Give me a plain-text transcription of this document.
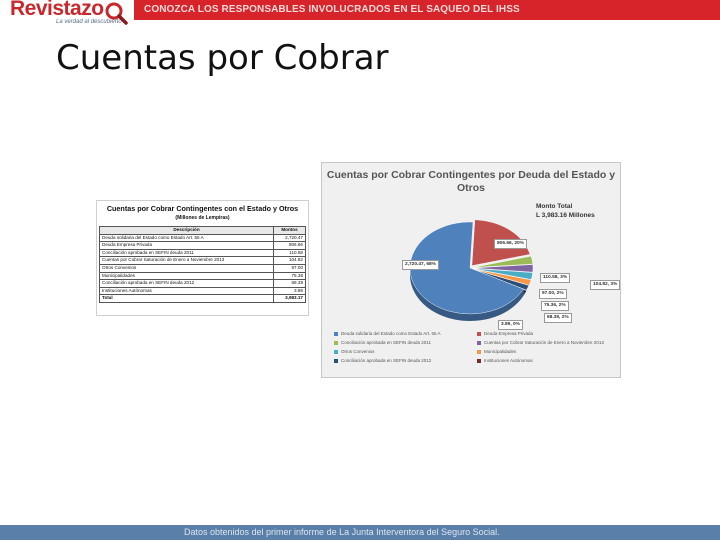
Revistazo
La verdad al descubierto
CONOZCA LOS RESPONSABLES INVOLUCRADOS EN EL SAQUEO DEL IHSS
Cuentas por Cobrar
Cuentas por Cobrar Contingentes con el Estado y Otros
(Millones de Lempiras)
Descripción	Montos
Deuda solidaria del Estado como Estado Art. 55 A	2,720.47
Deuda Empresa Privada	806.66
Conciliación aprobada en SEFIN deuda 2011	110.58
Cuentas por Cobrar Saturación de Enero a Noviembre 2013	104.82
Otros Convenios	97.00
Municipalidades	75.36
Conciliación aprobada en SEFIN deuda 2012	68.39
Instituciones Autónomas	3.89
Total	3,983.17
Cuentas por Cobrar Contingentes por Deuda del Estado y Otros
Monto Total
L 3,983.16 Millones
2,720.47, 68%
806.66, 20%
110.58, 3%
104.82, 3%
97.00, 2%
75.36, 2%
68.39, 2%
3.89, 0%
Deuda solidaria del Estado como Estado Art. 55 A	Deuda Empresa Privada
Conciliación aprobada en SEFIN deuda 2011	Cuentas por Cobrar Saturación de Enero a Noviembre 2013
Otros Convenios	Municipalidades
Conciliación aprobada en SEFIN deuda 2012	Instituciones Autónomas
Datos obtenidos del primer informe de La Junta Interventora del Seguro Social.
